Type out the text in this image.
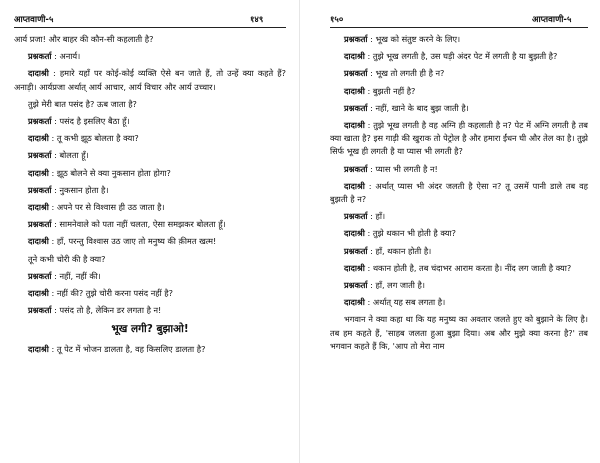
आप्तवाणी-५	१४९

आर्य प्रजा! और बाहर की कौन-सी कहलाती है?

प्रश्नकर्ता : अनार्य।

दादाश्री : हमारे यहाँ पर कोई-कोई व्यक्ति ऐसे बन जाते हैं, तो उन्हें क्या कहते हैं? अनाड़ी। आर्यप्रजा अर्थात् आर्य आचार, आर्य विचार और आर्य उच्चार।

तुझे मेरी बात पसंद है? ऊब जाता है?

प्रश्नकर्ता : पसंद है इसलिए बैठा हूँ।

दादाश्री : तू कभी झूठ बोलता है क्या?

प्रश्नकर्ता : बोलता हूँ।

दादाश्री : झूठ बोलने से क्या नुकसान होता होगा?

प्रश्नकर्ता : नुकसान होता है।

दादाश्री : अपने पर से विश्वास ही उठ जाता है।

प्रश्नकर्ता : सामनेवाले को पता नहीं चलता, ऐसा समझकर बोलता हूँ।

दादाश्री : हाँ, परन्तु विश्वास उठ जाए तो मनुष्य की क़ीमत खत्म!

तूने कभी चोरी की है क्या?

प्रश्नकर्ता : नहीं, नहीं की।

दादाश्री : नहीं की? तुझे चोरी करना पसंद नहीं है?

प्रश्नकर्ता : पसंद तो है, लेकिन डर लगता है न!

भूख लगी? बुझाओ!

दादाश्री : तू पेट में भोजन डालता है, वह किसलिए डालता है?

१५०	आप्तवाणी-५

प्रश्नकर्ता : भूख को संतुष्ट करने के लिए।

दादाश्री : तुझे भूख लगती है, उस घड़ी अंदर पेट में लगती है या बुझती है?

प्रश्नकर्ता : भूख तो लगती ही है न?

दादाश्री : बुझती नहीं है?

प्रश्नकर्ता : नहीं, खाने के बाद बुझ जाती है।

दादाश्री : तुझे भूख लगती है वह अग्नि ही कहलाती है न? पेट में अग्नि लगती है तब क्या खाता है? इस गाड़ी की खुराक तो पेट्रोल है और हमारा ईंधन घी और तेल का है। तुझे सिर्फ भूख ही लगती है या प्यास भी लगती है?

प्रश्नकर्ता : प्यास भी लगती है न!

दादाश्री : अर्थात् प्यास भी अंदर जलती है ऐसा न? तू उसमें पानी डाले तब वह बुझती है न?

प्रश्नकर्ता : हाँ।

दादाश्री : तुझे थकान भी होती है क्या?

प्रश्नकर्ता : हाँ, थकान होती है।

दादाश्री : थकान होती है, तब चंदाभर आराम करता है। नींद लग जाती है क्या?

प्रश्नकर्ता : हाँ, लग जाती है।

दादाश्री : अर्थात् यह सब लगता है।

भगवान ने क्या कहा था कि यह मनुष्य का अवतार जलते हुए को बुझाने के लिए है। तब हम कहते हैं, 'साहब जलता हुआ बुझा दिया। अब और मुझे क्या करना है?' तब भगवान कहते हैं कि, 'आप तो मेरा नाम
